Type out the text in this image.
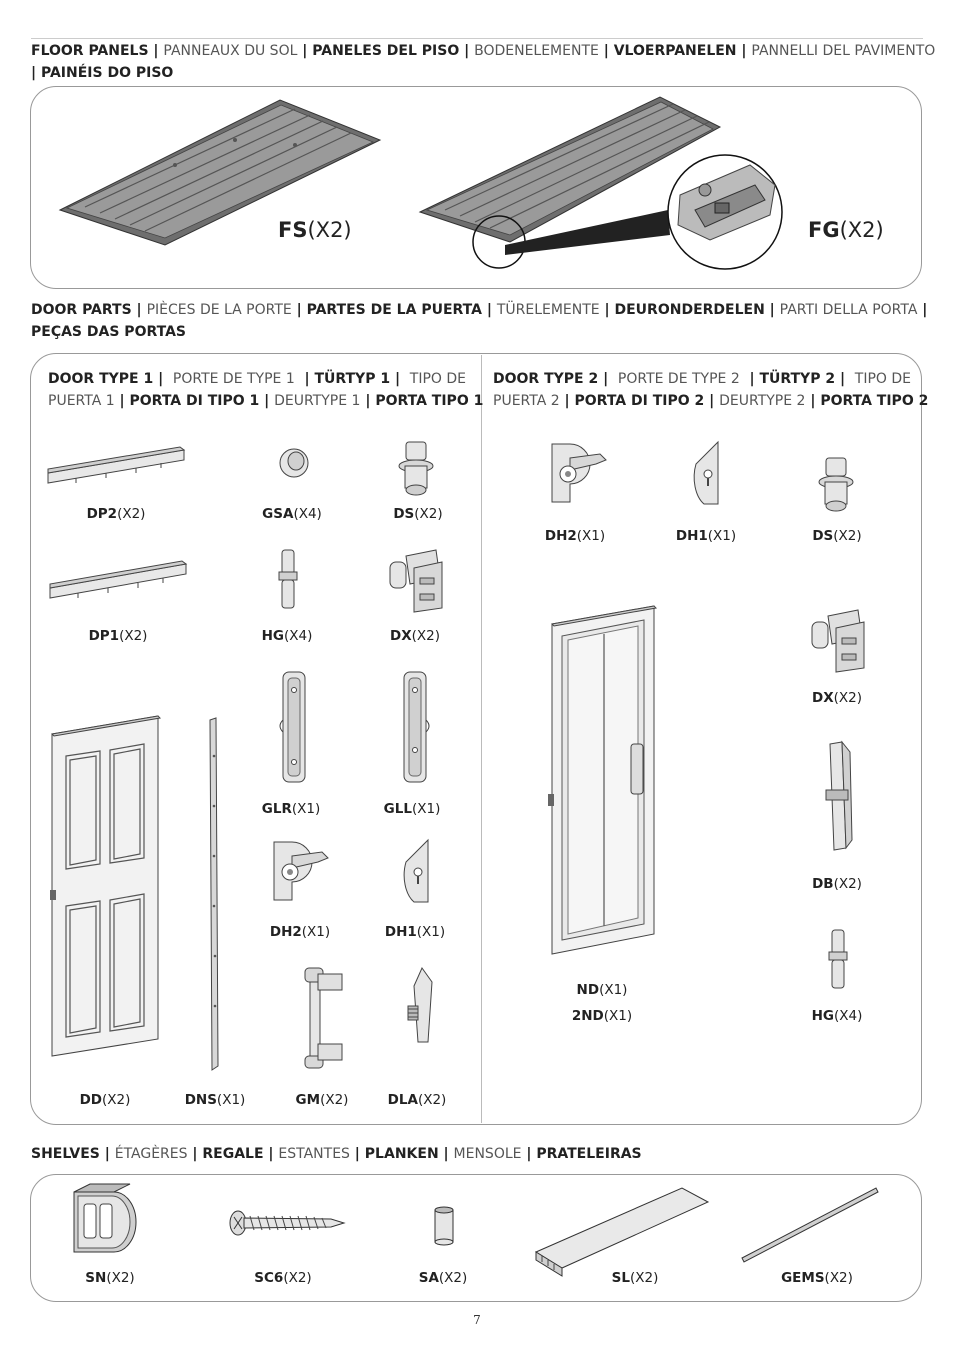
FLOOR PANELS | PANNEAUX DU SOL | PANELES DEL PISO | BODENELEMENTE | VLOERPANELEN | PANNELLI DEL PAVIMENTO
| PAINÉIS DO PISO
FS(X2)	FG(X2)
DOOR PARTS | PIÈCES DE LA PORTE | PARTES DE LA PUERTA | TÜRELEMENTE | DEURONDERDELEN | PARTI DELLA PORTA |
PEÇAS DAS PORTAS
DOOR TYPE 1 | PORTE DE TYPE 1 | TÜRTYP 1 | TIPO DE
PUERTA 1 | PORTA DI TIPO 1 | DEURTYPE 1 | PORTA TIPO 1
DOOR TYPE 2 | PORTE DE TYPE 2 | TÜRTYP 2 | TIPO DE
PUERTA 2 | PORTA DI TIPO 2 | DEURTYPE 2 | PORTA TIPO 2
DP2(X2)	GSA(X4)	DS(X2)
DP1(X2)	HG(X4)	DX(X2)
GLR(X1)	GLL(X1)
DH2(X1)	DH1(X1)
DD(X2)	DNS(X1)	GM(X2)	DLA(X2)
DH2(X1)	DH1(X1)	DS(X2)
DX(X2)
DB(X2)
ND(X1)
2ND(X1)	HG(X4)
SHELVES | ÉTAGÈRES | REGALE | ESTANTES | PLANKEN | MENSOLE | PRATELEIRAS
SN(X2)	SC6(X2)	SA(X2)	SL(X2)	GEMS(X2)
7
